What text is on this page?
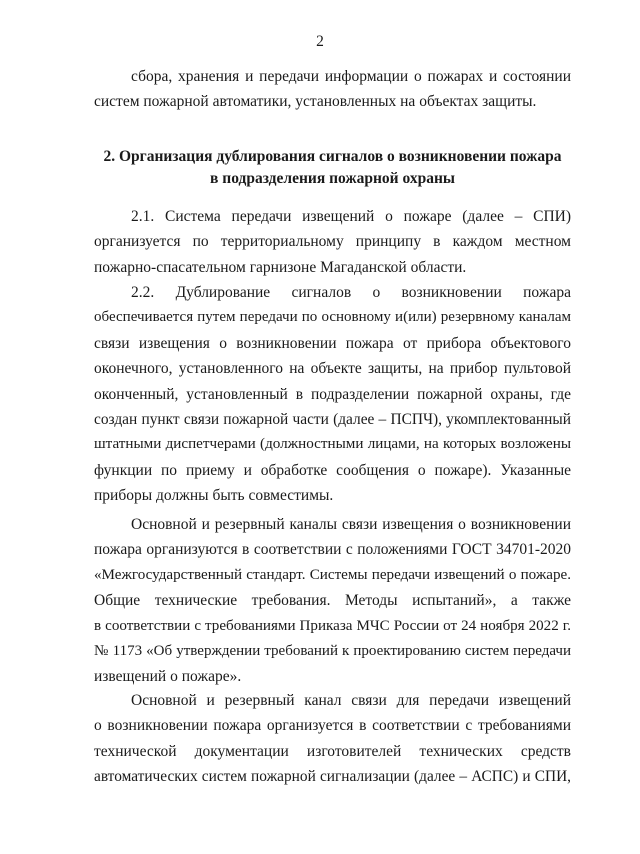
2
сбора, хранения и передачи информации о пожарах и состоянии
систем пожарной автоматики, установленных на объектах защиты.
2. Организация дублирования сигналов о возникновении пожара
в подразделения пожарной охраны
2.1. Система передачи извещений о пожаре (далее – СПИ)
организуется по территориальному принципу в каждом местном
пожарно-спасательном гарнизоне Магаданской области.
2.2. Дублирование сигналов о возникновении пожара
обеспечивается путем передачи по основному и(или) резервному каналам
связи извещения о возникновении пожара от прибора объектового
оконечного, установленного на объекте защиты, на прибор пультовой
оконченный, установленный в подразделении пожарной охраны, где
создан пункт связи пожарной части (далее – ПСПЧ), укомплектованный
штатными диспетчерами (должностными лицами, на которых возложены
функции по приему и обработке сообщения о пожаре). Указанные
приборы должны быть совместимы.
Основной и резервный каналы связи извещения о возникновении
пожара организуются в соответствии с положениями ГОСТ 34701-2020
«Межгосударственный стандарт. Системы передачи извещений о пожаре.
Общие технические требования. Методы испытаний», а также
в соответствии с требованиями Приказа МЧС России от 24 ноября 2022 г.
№ 1173 «Об утверждении требований к проектированию систем передачи
извещений о пожаре».
Основной и резервный канал связи для передачи извещений
о возникновении пожара организуется в соответствии с требованиями
технической документации изготовителей технических средств
автоматических систем пожарной сигнализации (далее – АСПС) и СПИ,
